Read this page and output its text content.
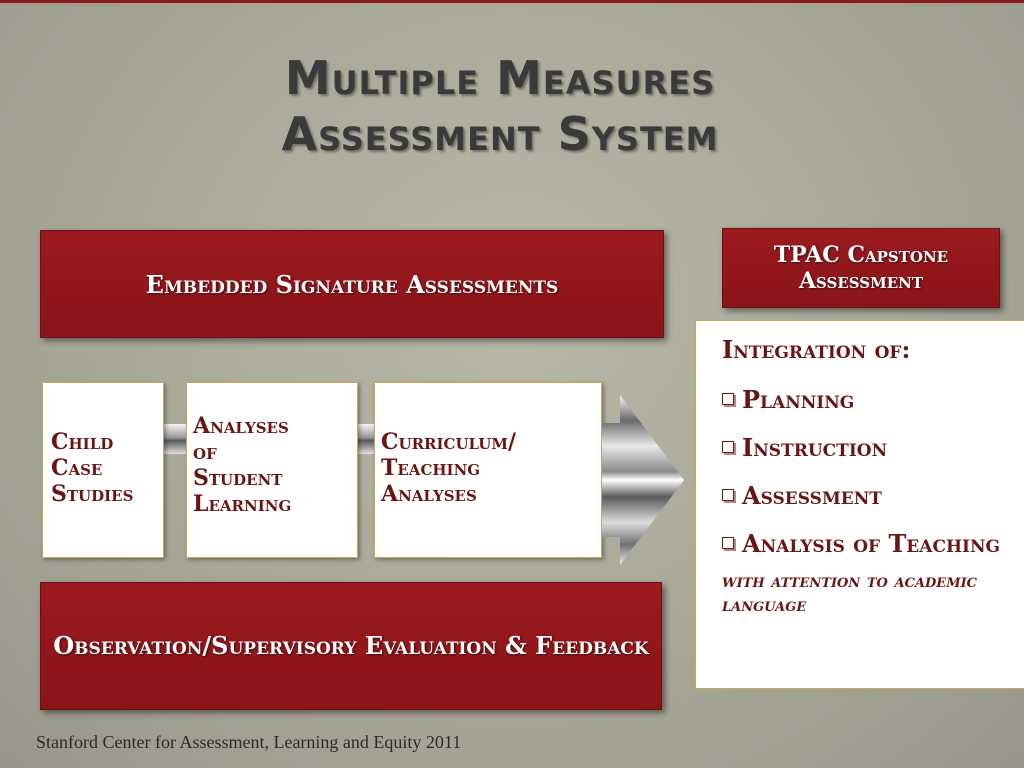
Multiple Measures
Assessment System
Embedded Signature Assessments
TPAC Capstone Assessment
Child
Case
Studies
Analyses
of
Student
Learning
Curriculum/
Teaching
Analyses
Observation/Supervisory Evaluation & Feedback
Integration of:
Planning
Instruction
Assessment
Analysis of Teaching
with attention to academic language
Stanford Center for Assessment, Learning and Equity 2011
